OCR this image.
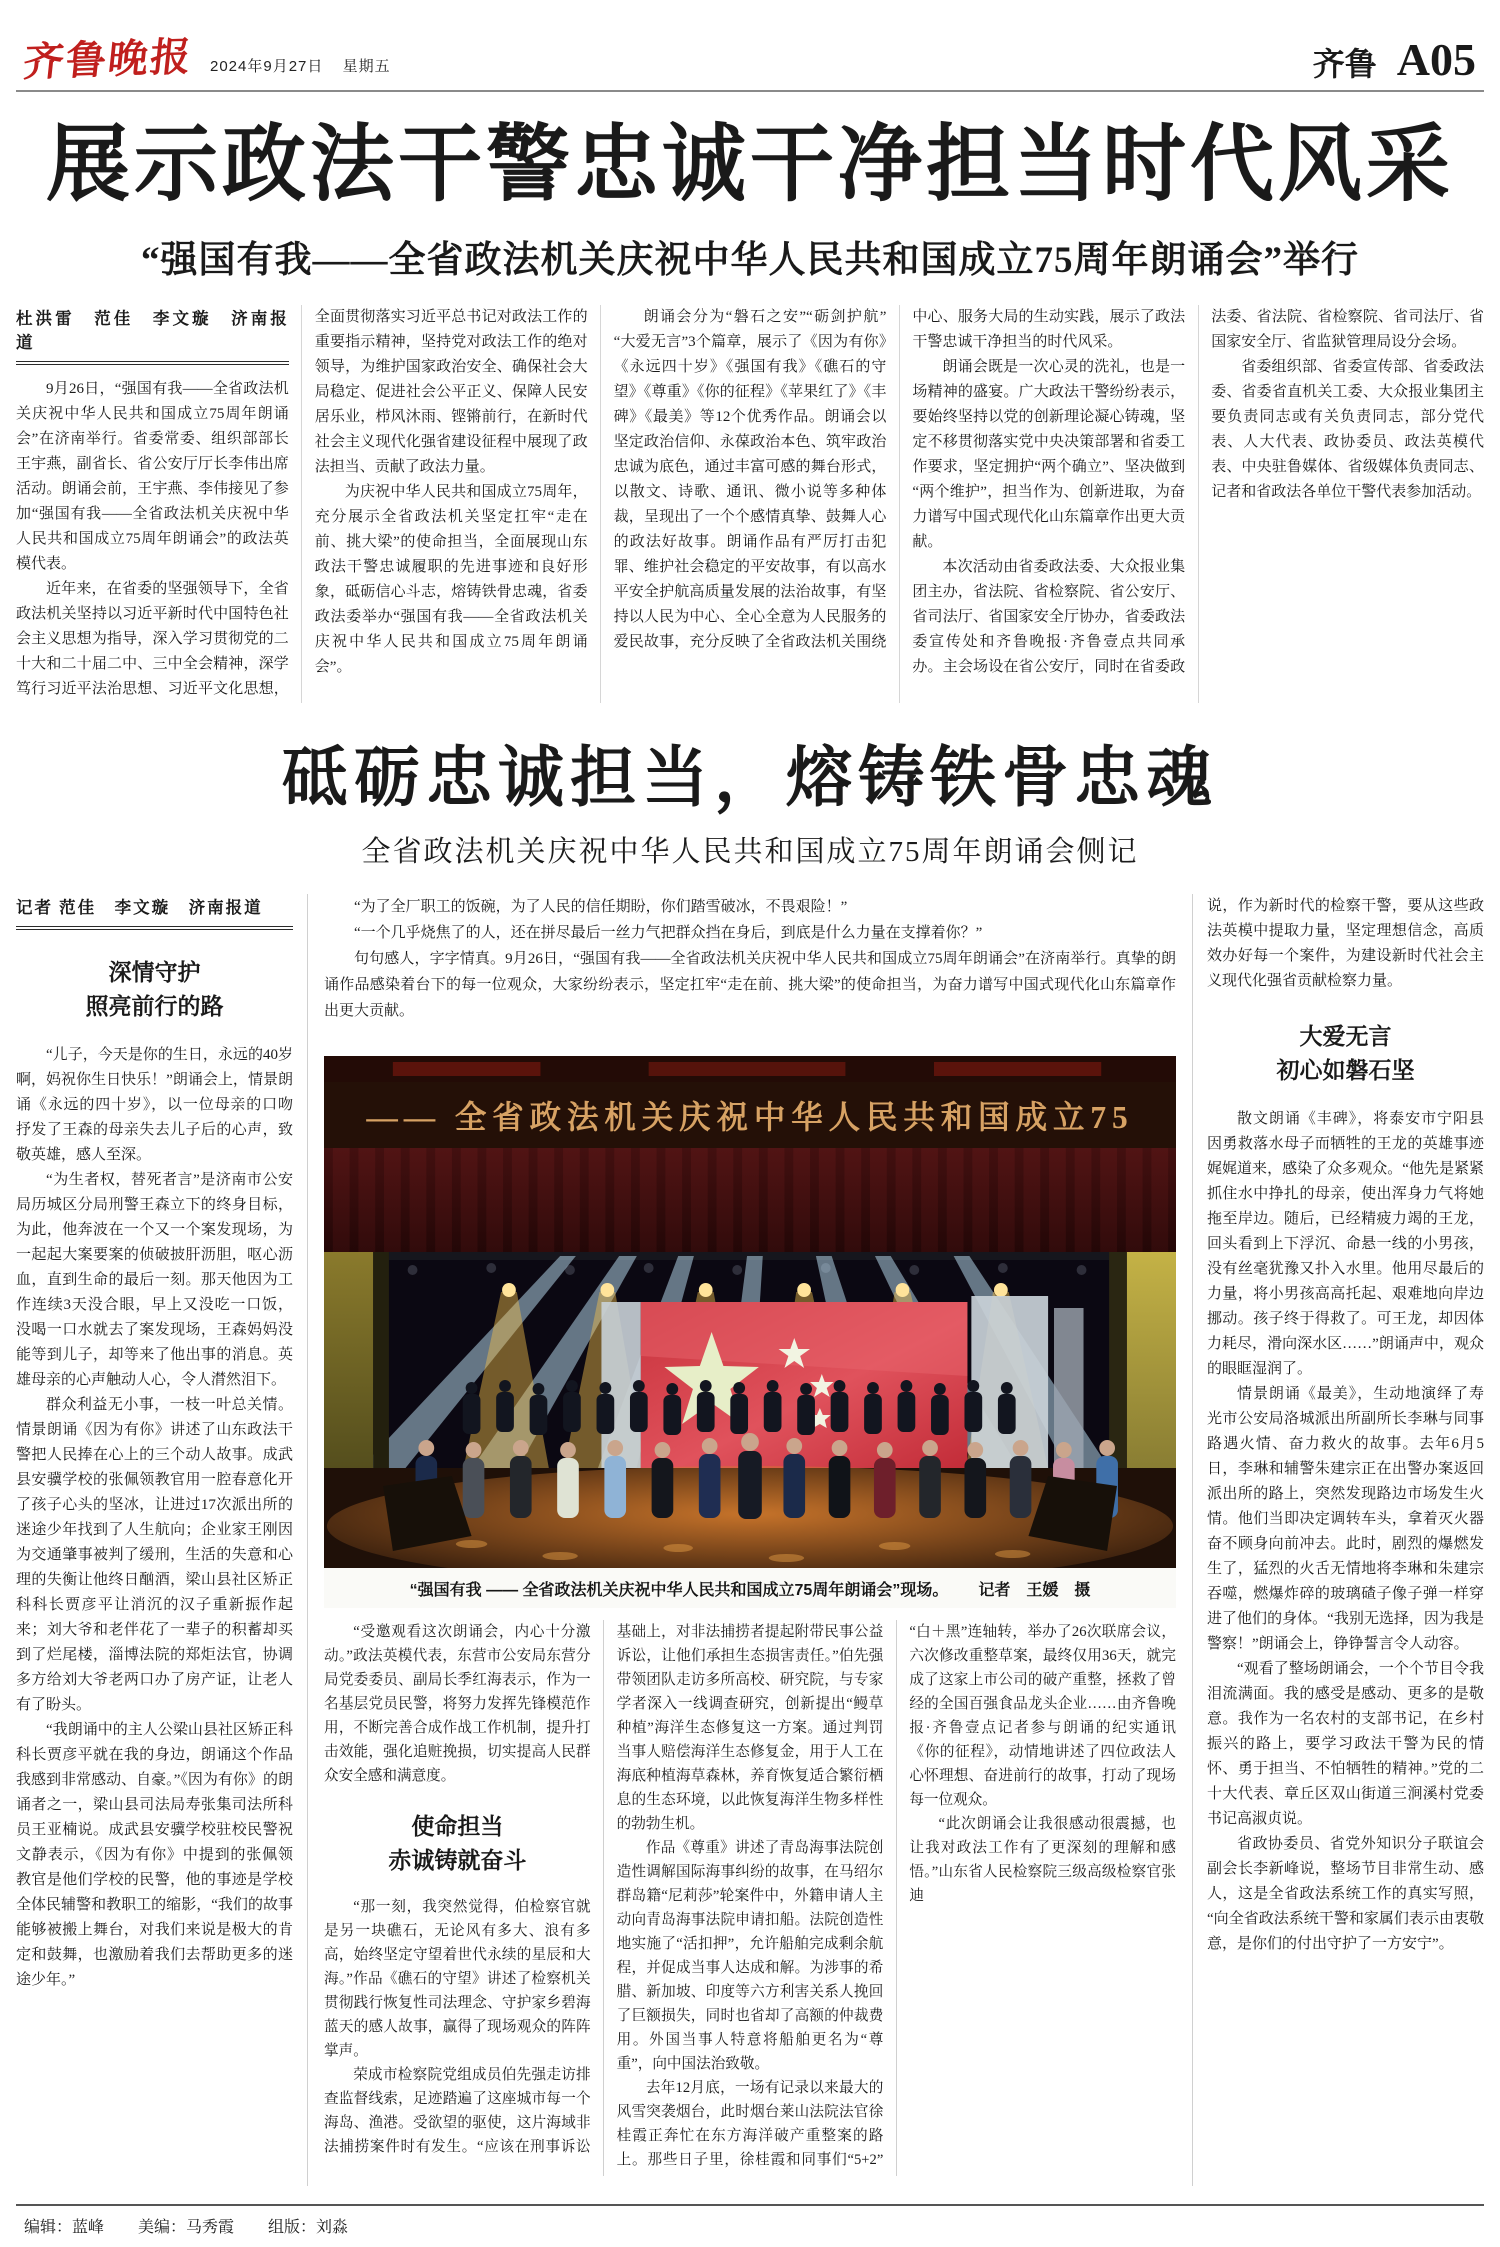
齐鲁晚报 2024年9月27日 星期五	齐鲁 A05
展示政法干警忠诚干净担当时代风采
“强国有我——全省政法机关庆祝中华人民共和国成立75周年朗诵会”举行
杜洪雷　范佳　李文璇　济南报道

9月26日，“强国有我——全省政法机关庆祝中华人民共和国成立75周年朗诵会”在济南举行。省委常委、组织部部长王宇燕，副省长、省公安厅厅长李伟出席活动。朗诵会前，王宇燕、李伟接见了参加“强国有我——全省政法机关庆祝中华人民共和国成立75周年朗诵会”的政法英模代表。

近年来，在省委的坚强领导下，全省政法机关坚持以习近平新时代中国特色社会主义思想为指导，深入学习贯彻党的二十大和二十届二中、三中全会精神，深学笃行习近平法治思想、习近平文化思想，全面贯彻落实习近平总书记对政法工作的重要指示精神，坚持党对政法工作的绝对领导，为维护国家政治安全、确保社会大局稳定、促进社会公平正义、保障人民安居乐业，栉风沐雨、铿锵前行，在新时代社会主义现代化强省建设征程中展现了政法担当、贡献了政法力量。

为庆祝中华人民共和国成立75周年，充分展示全省政法机关坚定扛牢“走在前、挑大梁”的使命担当，全面展现山东政法干警忠诚履职的先进事迹和良好形象，砥砺信心斗志，熔铸铁骨忠魂，省委政法委举办“强国有我——全省政法机关庆祝中华人民共和国成立75周年朗诵会”。

朗诵会分为“磐石之安”“砺剑护航”“大爱无言”3个篇章，展示了《因为有你》《永远四十岁》《强国有我》《礁石的守望》《尊重》《你的征程》《苹果红了》《丰碑》《最美》等12个优秀作品。朗诵会以坚定政治信仰、永葆政治本色、筑牢政治忠诚为底色，通过丰富可感的舞台形式，以散文、诗歌、通讯、微小说等多种体裁，呈现出了一个个感情真挚、鼓舞人心的政法好故事。朗诵作品有严厉打击犯罪、维护社会稳定的平安故事，有以高水平安全护航高质量发展的法治故事，有坚持以人民为中心、全心全意为人民服务的爱民故事，充分反映了全省政法机关围绕中心、服务大局的生动实践，展示了政法干警忠诚干净担当的时代风采。

朗诵会既是一次心灵的洗礼，也是一场精神的盛宴。广大政法干警纷纷表示，要始终坚持以党的创新理论凝心铸魂，坚定不移贯彻落实党中央决策部署和省委工作要求，坚定拥护“两个确立”、坚决做到“两个维护”，担当作为、创新进取，为奋力谱写中国式现代化山东篇章作出更大贡献。

本次活动由省委政法委、大众报业集团主办，省法院、省检察院、省公安厅、省司法厅、省国家安全厅协办，省委政法委宣传处和齐鲁晚报·齐鲁壹点共同承办。主会场设在省公安厅，同时在省委政法委、省法院、省检察院、省司法厅、省国家安全厅、省监狱管理局设分会场。

省委组织部、省委宣传部、省委政法委、省委省直机关工委、大众报业集团主要负责同志或有关负责同志，部分党代表、人大代表、政协委员、政法英模代表、中央驻鲁媒体、省级媒体负责同志、记者和省政法各单位干警代表参加活动。

砥砺忠诚担当，熔铸铁骨忠魂
全省政法机关庆祝中华人民共和国成立75周年朗诵会侧记
记者 范佳　李文璇　济南报道
深情守护
照亮前行的路

“儿子，今天是你的生日，永远的40岁啊，妈祝你生日快乐！”朗诵会上，情景朗诵《永远的四十岁》，以一位母亲的口吻抒发了王森的母亲失去儿子后的心声，致敬英雄，感人至深。

“为生者权，替死者言”是济南市公安局历城区分局刑警王森立下的终身目标，为此，他奔波在一个又一个案发现场，为一起起大案要案的侦破披肝沥胆，呕心沥血，直到生命的最后一刻。那天他因为工作连续3天没合眼，早上又没吃一口饭，没喝一口水就去了案发现场，王森妈妈没能等到儿子，却等来了他出事的消息。英雄母亲的心声触动人心，令人潸然泪下。

群众利益无小事，一枝一叶总关情。情景朗诵《因为有你》讲述了山东政法干警把人民捧在心上的三个动人故事。成武县安骥学校的张佩领教官用一腔春意化开了孩子心头的坚冰，让进过17次派出所的迷途少年找到了人生航向；企业家王刚因为交通肇事被判了缓刑，生活的失意和心理的失衡让他终日酗酒，梁山县社区矫正科科长贾彦平让消沉的汉子重新振作起来；刘大爷和老伴花了一辈子的积蓄却买到了烂尾楼，淄博法院的郑炬法官，协调多方给刘大爷老两口办了房产证，让老人有了盼头。

“我朗诵中的主人公梁山县社区矫正科科长贾彦平就在我的身边，朗诵这个作品我感到非常感动、自豪。”《因为有你》的朗诵者之一，梁山县司法局寿张集司法所科员王亚楠说。成武县安骥学校驻校民警祝文静表示，《因为有你》中提到的张佩领教官是他们学校的民警，他的事迹是学校全体民辅警和教职工的缩影，“我们的故事能够被搬上舞台，对我们来说是极大的肯定和鼓舞，也激励着我们去帮助更多的迷途少年。”

“为了全厂职工的饭碗，为了人民的信任期盼，你们踏雪破冰，不畏艰险！”

“一个几乎烧焦了的人，还在拼尽最后一丝力气把群众挡在身后，到底是什么力量在支撑着你？”

句句感人，字字情真。9月26日，“强国有我——全省政法机关庆祝中华人民共和国成立75周年朗诵会”在济南举行。真挚的朗诵作品感染着台下的每一位观众，大家纷纷表示，坚定扛牢“走在前、挑大梁”的使命担当，为奋力谱写中国式现代化山东篇章作出更大贡献。

—— 全省政法机关庆祝中华人民共和国成立75
“强国有我 —— 全省政法机关庆祝中华人民共和国成立75周年朗诵会”现场。 记者　王媛　摄

“受邀观看这次朗诵会，内心十分激动。”政法英模代表，东营市公安局东营分局党委委员、副局长季红海表示，作为一名基层党员民警，将努力发挥先锋模范作用，不断完善合成作战工作机制，提升打击效能，强化追赃挽损，切实提高人民群众安全感和满意度。

使命担当
赤诚铸就奋斗

“那一刻，我突然觉得，伯检察官就是另一块礁石，无论风有多大、浪有多高，始终坚定守望着世代永续的星辰和大海。”作品《礁石的守望》讲述了检察机关贯彻践行恢复性司法理念、守护家乡碧海蓝天的感人故事，赢得了现场观众的阵阵掌声。

荣成市检察院党组成员伯先强走访排查监督线索，足迹踏遍了这座城市每一个海岛、渔港。受欲望的驱使，这片海域非法捕捞案件时有发生。“应该在刑事诉讼基础上，对非法捕捞者提起附带民事公益诉讼，让他们承担生态损害责任。”伯先强带领团队走访多所高校、研究院，与专家学者深入一线调查研究，创新提出“鳗草种植”海洋生态修复这一方案。通过判罚当事人赔偿海洋生态修复金，用于人工在海底种植海草森林，养育恢复适合繁衍栖息的生态环境，以此恢复海洋生物多样性的勃勃生机。

作品《尊重》讲述了青岛海事法院创造性调解国际海事纠纷的故事，在马绍尔群岛籍“尼莉莎”轮案件中，外籍申请人主动向青岛海事法院申请扣船。法院创造性地实施了“活扣押”，允许船舶完成剩余航程，并促成当事人达成和解。为涉事的希腊、新加坡、印度等六方利害关系人挽回了巨额损失，同时也省却了高额的仲裁费用。外国当事人特意将船舶更名为“尊重”，向中国法治致敬。

去年12月底，一场有记录以来最大的风雪突袭烟台，此时烟台莱山法院法官徐桂霞正奔忙在东方海洋破产重整案的路上。那些日子里，徐桂霞和同事们“5+2”“白＋黑”连轴转，举办了26次联席会议，六次修改重整草案，最终仅用36天，就完成了这家上市公司的破产重整，拯救了曾经的全国百强食品龙头企业……由齐鲁晚报·齐鲁壹点记者参与朗诵的纪实通讯《你的征程》，动情地讲述了四位政法人心怀理想、奋进前行的故事，打动了现场每一位观众。

“此次朗诵会让我很感动很震撼，也让我对政法工作有了更深刻的理解和感悟。”山东省人民检察院三级高级检察官张迪

说，作为新时代的检察干警，要从这些政法英模中提取力量，坚定理想信念，高质效办好每一个案件，为建设新时代社会主义现代化强省贡献检察力量。

大爱无言
初心如磐石坚

散文朗诵《丰碑》，将泰安市宁阳县因勇救落水母子而牺牲的王龙的英雄事迹娓娓道来，感染了众多观众。“他先是紧紧抓住水中挣扎的母亲，使出浑身力气将她拖至岸边。随后，已经精疲力竭的王龙，回头看到上下浮沉、命悬一线的小男孩，没有丝毫犹豫又扑入水里。他用尽最后的力量，将小男孩高高托起、艰难地向岸边挪动。孩子终于得救了。可王龙，却因体力耗尽，滑向深水区……”朗诵声中，观众的眼眶湿润了。

情景朗诵《最美》，生动地演绎了寿光市公安局洛城派出所副所长李琳与同事路遇火情、奋力救火的故事。去年6月5日，李琳和辅警朱建宗正在出警办案返回派出所的路上，突然发现路边市场发生火情。他们当即决定调转车头，拿着灭火器奋不顾身向前冲去。此时，剧烈的爆燃发生了，猛烈的火舌无情地将李琳和朱建宗吞噬，燃爆炸碎的玻璃碴子像子弹一样穿进了他们的身体。“我别无选择，因为我是警察！”朗诵会上，铮铮誓言令人动容。

“观看了整场朗诵会，一个个节目令我泪流满面。我的感受是感动、更多的是敬意。我作为一名农村的支部书记，在乡村振兴的路上，要学习政法干警为民的情怀、勇于担当、不怕牺牲的精神。”党的二十大代表、章丘区双山街道三涧溪村党委书记高淑贞说。

省政协委员、省党外知识分子联谊会副会长李新峰说，整场节目非常生动、感人，这是全省政法系统工作的真实写照，“向全省政法系统干警和家属们表示由衷敬意，是你们的付出守护了一方安宁”。

编辑：蓝峰 美编：马秀霞 组版：刘淼
